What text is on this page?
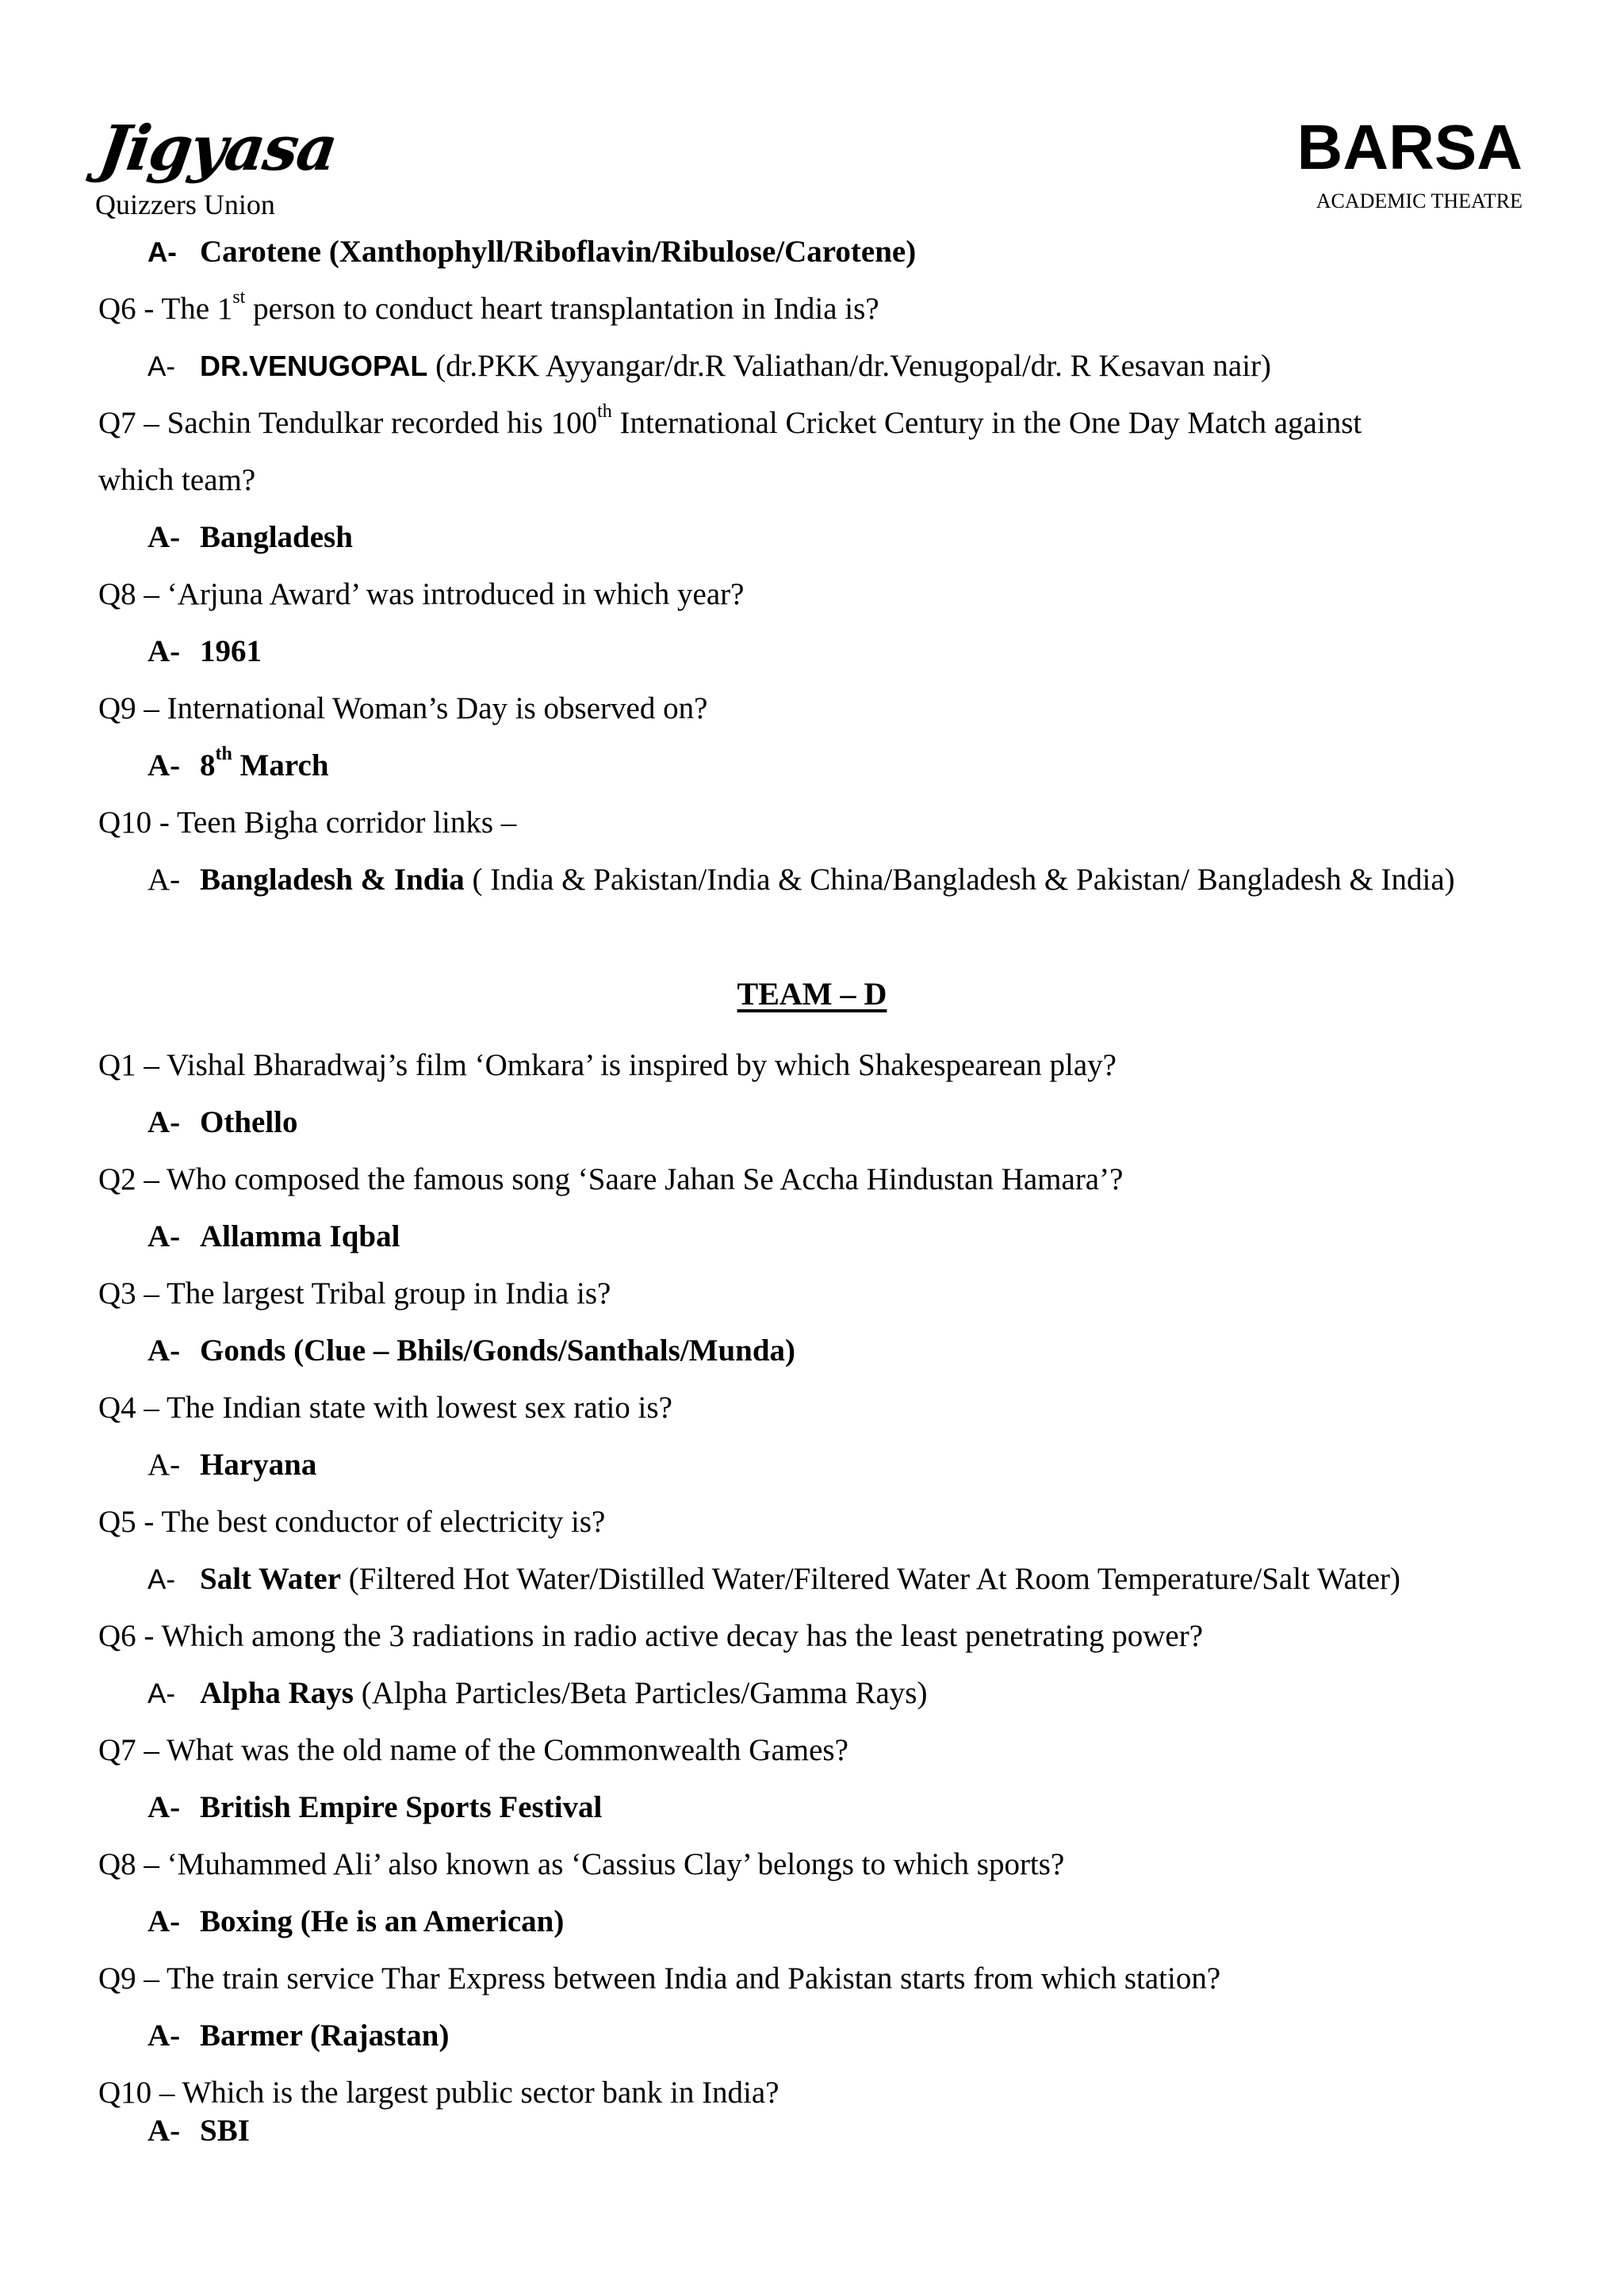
Jigyasa
Quizzers Union
BARSA
ACADEMIC THEATRE
A- Carotene (Xanthophyll/Riboflavin/Ribulose/Carotene)
Q6 - The 1st person to conduct heart transplantation in India is?
A- DR.VENUGOPAL (dr.PKK Ayyangar/dr.R Valiathan/dr.Venugopal/dr. R Kesavan nair)
Q7 – Sachin Tendulkar recorded his 100th International Cricket Century in the One Day Match against
which team?
A- Bangladesh
Q8 – ‘Arjuna Award’ was introduced in which year?
A- 1961
Q9 – International Woman’s Day is observed on?
A- 8th March
Q10 - Teen Bigha corridor links –
A- Bangladesh & India ( India & Pakistan/India & China/Bangladesh & Pakistan/ Bangladesh & India)
TEAM – D
Q1 – Vishal Bharadwaj’s film ‘Omkara’ is inspired by which Shakespearean play?
A- Othello
Q2 – Who composed the famous song ‘Saare Jahan Se Accha Hindustan Hamara’?
A- Allamma Iqbal
Q3 – The largest Tribal group in India is?
A- Gonds (Clue – Bhils/Gonds/Santhals/Munda)
Q4 – The Indian state with lowest sex ratio is?
A- Haryana
Q5 - The best conductor of electricity is?
A- Salt Water (Filtered Hot Water/Distilled Water/Filtered Water At Room Temperature/Salt Water)
Q6 - Which among the 3 radiations in radio active decay has the least penetrating power?
A- Alpha Rays (Alpha Particles/Beta Particles/Gamma Rays)
Q7 – What was the old name of the Commonwealth Games?
A- British Empire Sports Festival
Q8 – ‘Muhammed Ali’ also known as ‘Cassius Clay’ belongs to which sports?
A- Boxing (He is an American)
Q9 – The train service Thar Express between India and Pakistan starts from which station?
A- Barmer (Rajastan)
Q10 – Which is the largest public sector bank in India?
A- SBI
